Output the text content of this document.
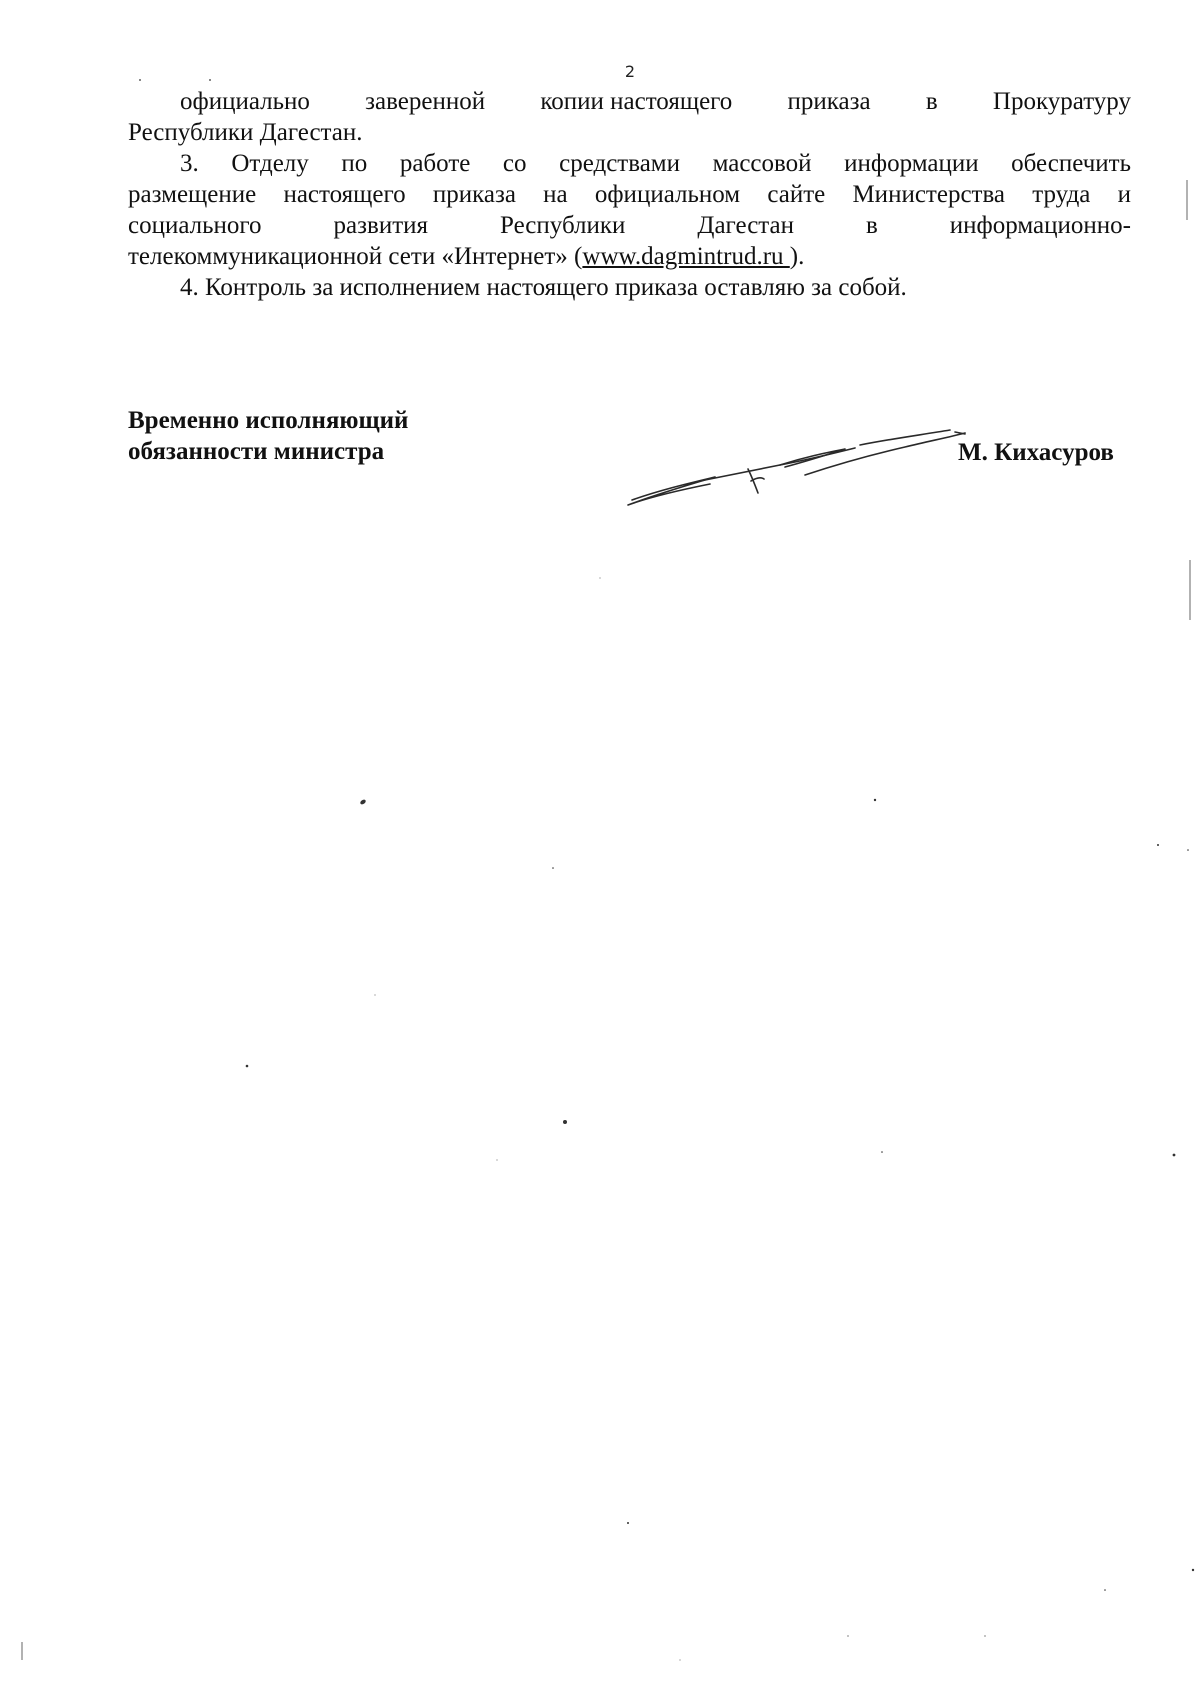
2
официально заверенной копии настоящего приказа в Прокуратуру

Республики Дагестан.

3. Отделу по работе со средствами массовой информации обеспечить
размещение настоящего приказа на официальном сайте Министерства труда и
социального	развития	Республики	Дагестан	в	информационно-

телекоммуникационной сети «Интернет» (www.dagmintrud.ru ).

4. Контроль за исполнением настоящего приказа оставляю за собой.

Временно исполняющий
обязанности министра	М. Кихасуров
